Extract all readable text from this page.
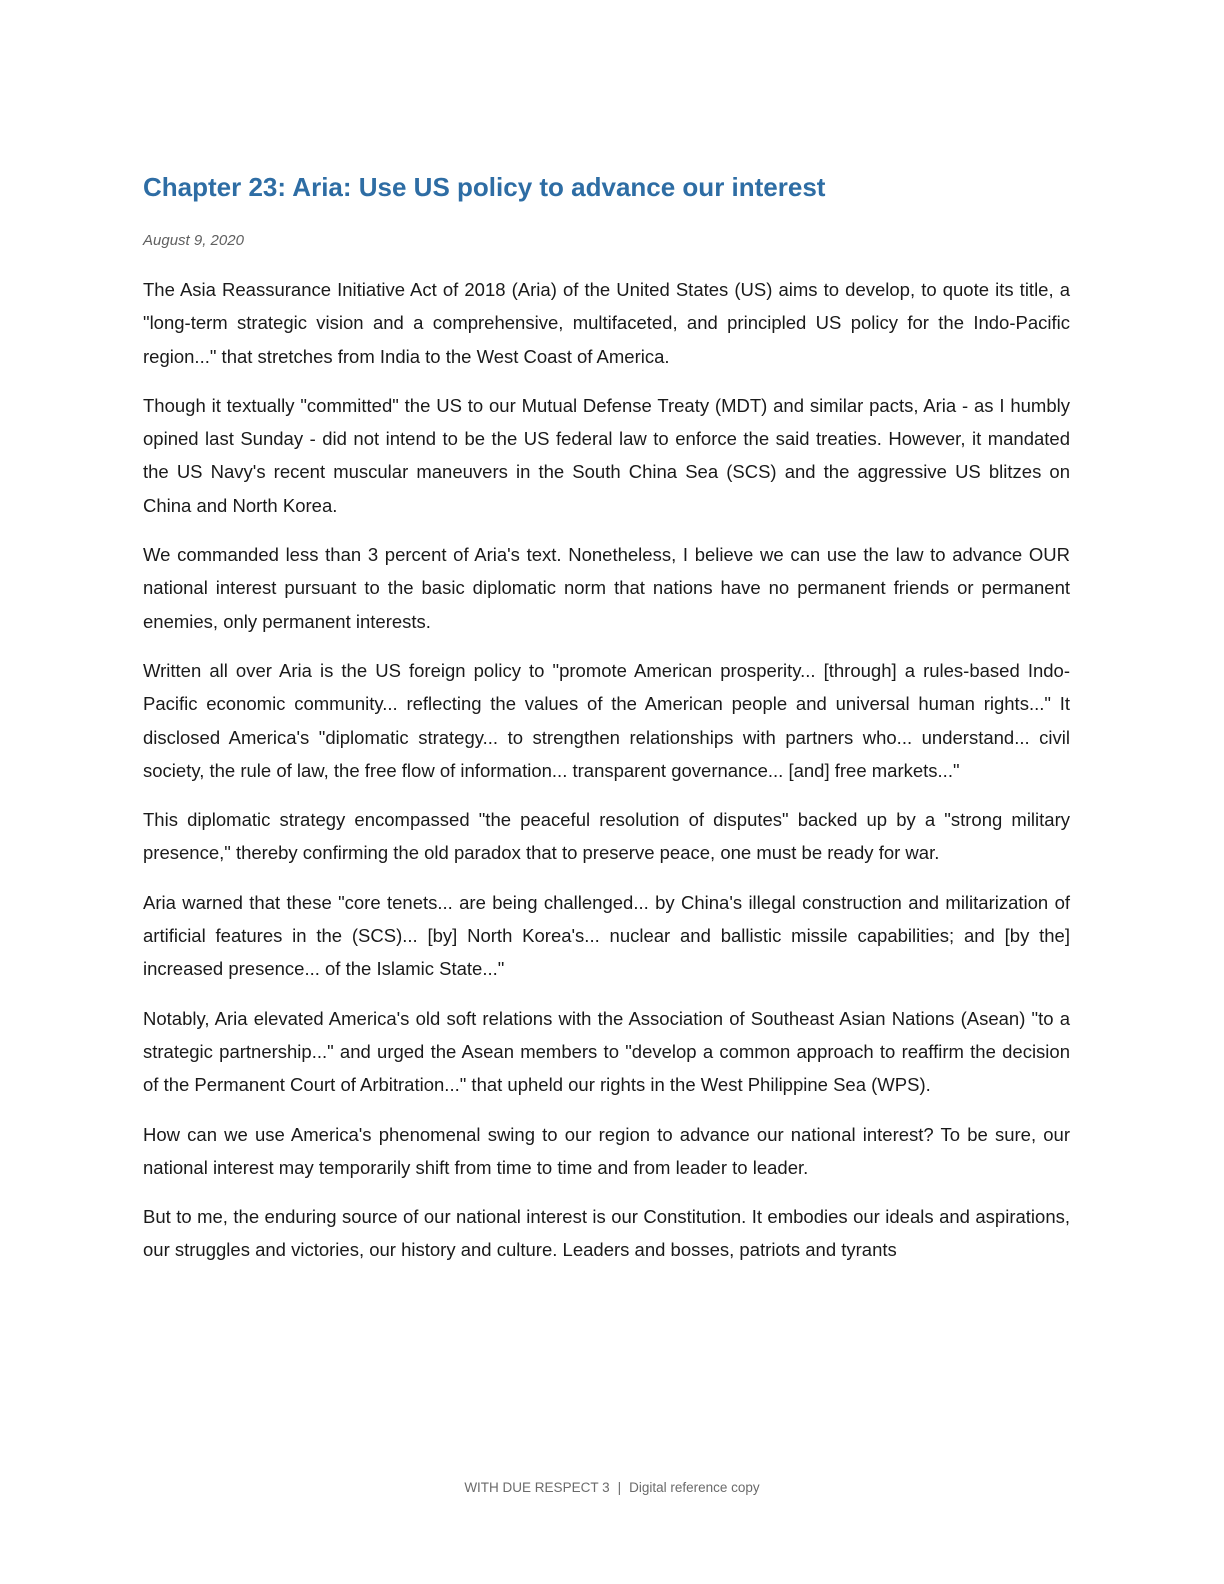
Chapter 23: Aria: Use US policy to advance our interest
August 9, 2020

The Asia Reassurance Initiative Act of 2018 (Aria) of the United States (US) aims to develop, to quote its title, a "long-term strategic vision and a comprehensive, multifaceted, and principled US policy for the Indo-Pacific region..." that stretches from India to the West Coast of America.

Though it textually "committed" the US to our Mutual Defense Treaty (MDT) and similar pacts, Aria - as I humbly opined last Sunday - did not intend to be the US federal law to enforce the said treaties. However, it mandated the US Navy's recent muscular maneuvers in the South China Sea (SCS) and the aggressive US blitzes on China and North Korea.

We commanded less than 3 percent of Aria's text. Nonetheless, I believe we can use the law to advance OUR national interest pursuant to the basic diplomatic norm that nations have no permanent friends or permanent enemies, only permanent interests.

Written all over Aria is the US foreign policy to "promote American prosperity... [through] a rules-based Indo-Pacific economic community... reflecting the values of the American people and universal human rights..." It disclosed America's "diplomatic strategy... to strengthen relationships with partners who... understand... civil society, the rule of law, the free flow of information... transparent governance... [and] free markets..."

This diplomatic strategy encompassed "the peaceful resolution of disputes" backed up by a "strong military presence," thereby confirming the old paradox that to preserve peace, one must be ready for war.

Aria warned that these "core tenets... are being challenged... by China's illegal construction and militarization of artificial features in the (SCS)... [by] North Korea's... nuclear and ballistic missile capabilities; and [by the] increased presence... of the Islamic State..."

Notably, Aria elevated America's old soft relations with the Association of Southeast Asian Nations (Asean) "to a strategic partnership..." and urged the Asean members to "develop a common approach to reaffirm the decision of the Permanent Court of Arbitration..." that upheld our rights in the West Philippine Sea (WPS).

How can we use America's phenomenal swing to our region to advance our national interest? To be sure, our national interest may temporarily shift from time to time and from leader to leader.

But to me, the enduring source of our national interest is our Constitution. It embodies our ideals and aspirations, our struggles and victories, our history and culture. Leaders and bosses, patriots and tyrants

WITH DUE RESPECT 3 | Digital reference copy
